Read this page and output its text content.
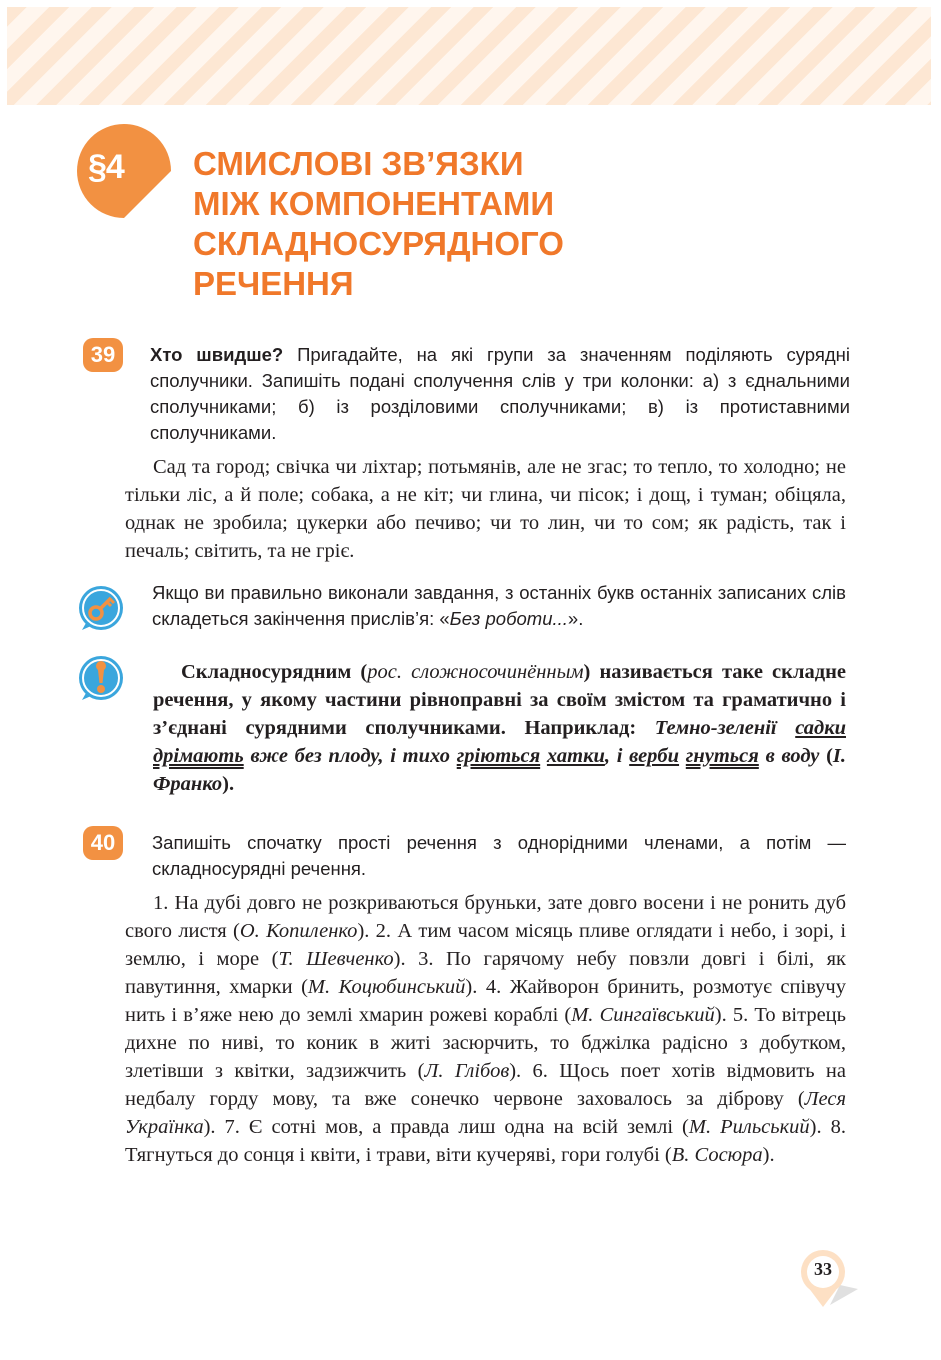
§4 СМИСЛОВІ ЗВ’ЯЗКИ
МІЖ КОМПОНЕНТАМИ
СКЛАДНОСУРЯДНОГО
РЕЧЕННЯ
39	Хто швидше? Пригадайте, на які групи за значенням поділяють сурядні сполучники. Запишіть подані сполучення слів у три колонки: а) з єднальними сполучниками; б) із розділовими сполучниками; в) із протиставними сполучниками.

Сад та город; свічка чи ліхтар; потьмянів, але не згас; то тепло, то холодно; не тільки ліс, а й поле; собака, а не кіт; чи глина, чи пісок; і дощ, і туман; обіцяла, однак не зробила; цукерки або печиво; чи то лин, чи то сом; як радість, так і печаль; світить, та не гріє.

Якщо ви правильно виконали завдання, з останніх букв останніх записаних слів складеться закінчення прислів’я: «Без роботи...».

Складносурядним (рос. сложносочинённым) називається таке складне речення, у якому частини рівноправні за своїм змістом та граматично і з’єднані сурядними сполучниками. Наприклад: Темно-зеленії садки дрімають вже без плоду, і тихо гріються хатки, і верби гнуться в воду (І. Франко).

40	Запишіть спочатку прості речення з однорідними членами, а потім — складносурядні речення.

1. На дубі довго не розкриваються бруньки, зате довго восени і не ронить дуб свого листя (О. Копиленко). 2. А тим часом місяць пливе оглядати і небо, і зорі, і землю, і море (Т. Шевченко). 3. По гарячому небу повзли довгі і білі, як павутиння, хмарки (М. Коцюбинський). 4. Жайворон бринить, розмотує співучу нить і в’яже нею до землі хмарин рожеві кораблі (М. Сингаївський). 5. То вітрець дихне по ниві, то коник в житі засюрчить, то бджілка радісно з добутком, злетівши з квітки, задзижчить (Л. Глібов). 6. Щось поет хотів відмовить на недбалу горду мову, та вже сонечко червоне заховалось за діброву (Леся Українка). 7. Є сотні мов, а правда лиш одна на всій землі (М. Рильський). 8. Тягнуться до сонця і квіти, і трави, віти кучеряві, гори голубі (В. Сосюра).

33
